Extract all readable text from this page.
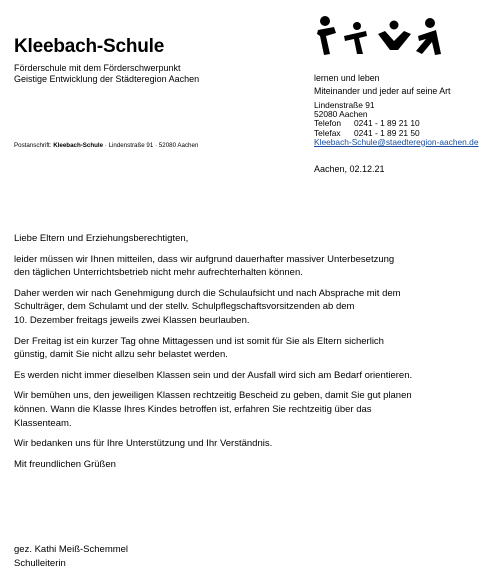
Kleebach-Schule
Förderschule mit dem Förderschwerpunkt
Geistige Entwicklung der Städteregion Aachen
Postanschrift: Kleebach-Schule · Lindenstraße 91 · 52080 Aachen
lernen und leben
Miteinander und jeder auf seine Art
Lindenstraße 91
52080 Aachen
Telefon 0241 - 1 89 21 10
Telefax 0241 - 1 89 21 50
Kleebach-Schule@staedteregion-aachen.de
Aachen, 02.12.21

Liebe Eltern und Erziehungsberechtigten,

leider müssen wir Ihnen mitteilen, dass wir aufgrund dauerhafter massiver Unterbesetzung

den täglichen Unterrichtsbetrieb nicht mehr aufrechterhalten können.

Daher werden wir nach Genehmigung durch die Schulaufsicht und nach Absprache mit dem

Schulträger, dem Schulamt und der stellv. Schulpflegschaftsvorsitzenden ab dem

10. Dezember freitags jeweils zwei Klassen beurlauben.

Der Freitag ist ein kurzer Tag ohne Mittagessen und ist somit für Sie als Eltern sicherlich

günstig, damit Sie nicht allzu sehr belastet werden.

Es werden nicht immer dieselben Klassen sein und der Ausfall wird sich am Bedarf orientieren.

Wir bemühen uns, den jeweiligen Klassen rechtzeitig Bescheid zu geben, damit Sie gut planen

können. Wann die Klasse Ihres Kindes betroffen ist, erfahren Sie rechtzeitig über das

Klassenteam.

Wir bedanken uns für Ihre Unterstützung und Ihr Verständnis.

Mit freundlichen Grüßen

gez. Kathi Meiß-Schemmel
Schulleiterin
